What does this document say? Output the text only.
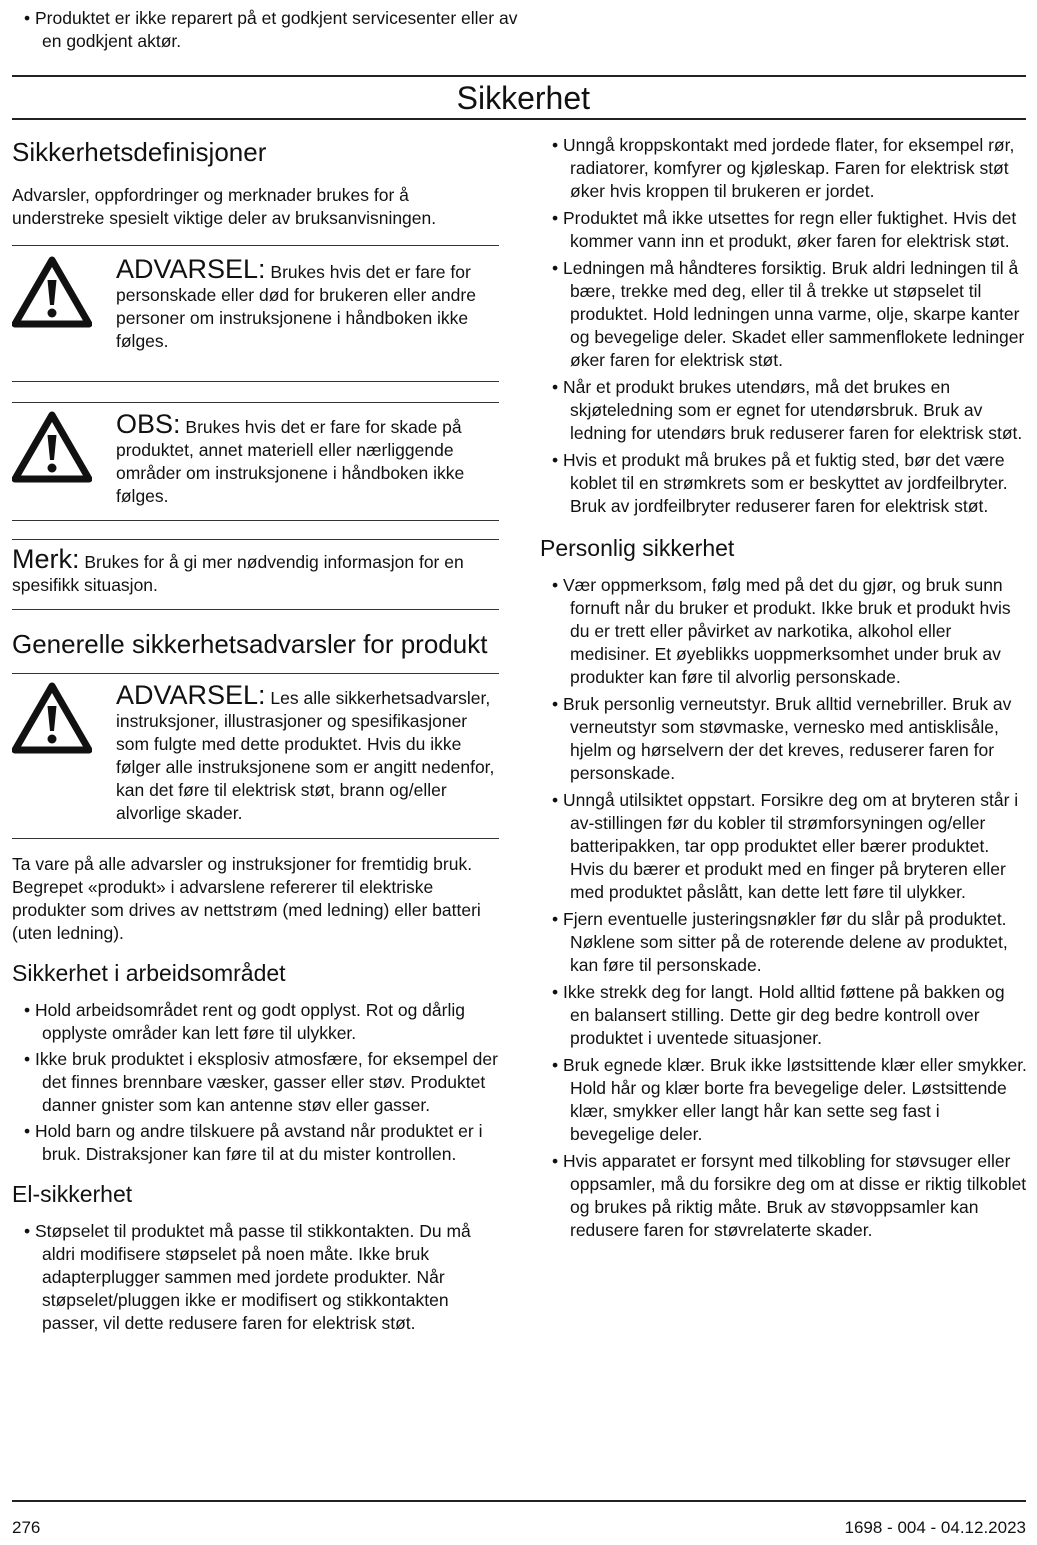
• Produktet er ikke reparert på et godkjent servicesenter eller av en godkjent aktør.
Sikkerhet
Sikkerhetsdefinisjoner

Advarsler, oppfordringer og merknader brukes for å understreke spesielt viktige deler av bruksanvisningen.

ADVARSEL: Brukes hvis det er fare for personskade eller død for brukeren eller andre personer om instruksjonene i håndboken ikke følges.
OBS: Brukes hvis det er fare for skade på produktet, annet materiell eller nærliggende områder om instruksjonene i håndboken ikke følges.

Merk: Brukes for å gi mer nødvendig informasjon for en spesifikk situasjon.

Generelle sikkerhetsadvarsler for produkt
ADVARSEL: Les alle sikkerhetsadvarsler, instruksjoner, illustrasjoner og spesifikasjoner som fulgte med dette produktet. Hvis du ikke følger alle instruksjonene som er angitt nedenfor, kan det føre til elektrisk støt, brann og/eller alvorlige skader.

Ta vare på alle advarsler og instruksjoner for fremtidig bruk. Begrepet «produkt» i advarslene refererer til elektriske produkter som drives av nettstrøm (med ledning) eller batteri (uten ledning).

Sikkerhet i arbeidsområdet
• Hold arbeidsområdet rent og godt opplyst. Rot og dårlig opplyste områder kan lett føre til ulykker.
• Ikke bruk produktet i eksplosiv atmosfære, for eksempel der det finnes brennbare væsker, gasser eller støv. Produktet danner gnister som kan antenne støv eller gasser.
• Hold barn og andre tilskuere på avstand når produktet er i bruk. Distraksjoner kan føre til at du mister kontrollen.
El-sikkerhet
• Støpselet til produktet må passe til stikkontakten. Du må aldri modifisere støpselet på noen måte. Ikke bruk adapterplugger sammen med jordete produkter. Når støpselet/pluggen ikke er modifisert og stikkontakten passer, vil dette redusere faren for elektrisk støt.
• Unngå kroppskontakt med jordede flater, for eksempel rør, radiatorer, komfyrer og kjøleskap. Faren for elektrisk støt øker hvis kroppen til brukeren er jordet.
• Produktet må ikke utsettes for regn eller fuktighet. Hvis det kommer vann inn et produkt, øker faren for elektrisk støt.
• Ledningen må håndteres forsiktig. Bruk aldri ledningen til å bære, trekke med deg, eller til å trekke ut støpselet til produktet. Hold ledningen unna varme, olje, skarpe kanter og bevegelige deler. Skadet eller sammenflokete ledninger øker faren for elektrisk støt.
• Når et produkt brukes utendørs, må det brukes en skjøteledning som er egnet for utendørsbruk. Bruk av ledning for utendørs bruk reduserer faren for elektrisk støt.
• Hvis et produkt må brukes på et fuktig sted, bør det være koblet til en strømkrets som er beskyttet av jordfeilbryter. Bruk av jordfeilbryter reduserer faren for elektrisk støt.
Personlig sikkerhet
• Vær oppmerksom, følg med på det du gjør, og bruk sunn fornuft når du bruker et produkt. Ikke bruk et produkt hvis du er trett eller påvirket av narkotika, alkohol eller medisiner. Et øyeblikks uoppmerksomhet under bruk av produkter kan føre til alvorlig personskade.
• Bruk personlig verneutstyr. Bruk alltid vernebriller. Bruk av verneutstyr som støvmaske, vernesko med antisklisåle, hjelm og hørselvern der det kreves, reduserer faren for personskade.
• Unngå utilsiktet oppstart. Forsikre deg om at bryteren står i av-stillingen før du kobler til strømforsyningen og/eller batteripakken, tar opp produktet eller bærer produktet. Hvis du bærer et produkt med en finger på bryteren eller med produktet påslått, kan dette lett føre til ulykker.
• Fjern eventuelle justeringsnøkler før du slår på produktet. Nøklene som sitter på de roterende delene av produktet, kan føre til personskade.
• Ikke strekk deg for langt. Hold alltid føttene på bakken og en balansert stilling. Dette gir deg bedre kontroll over produktet i uventede situasjoner.
• Bruk egnede klær. Bruk ikke løstsittende klær eller smykker. Hold hår og klær borte fra bevegelige deler. Løstsittende klær, smykker eller langt hår kan sette seg fast i bevegelige deler.
• Hvis apparatet er forsynt med tilkobling for støvsuger eller oppsamler, må du forsikre deg om at disse er riktig tilkoblet og brukes på riktig måte. Bruk av støvoppsamler kan redusere faren for støvrelaterte skader.
276	1698 - 004 - 04.12.2023
